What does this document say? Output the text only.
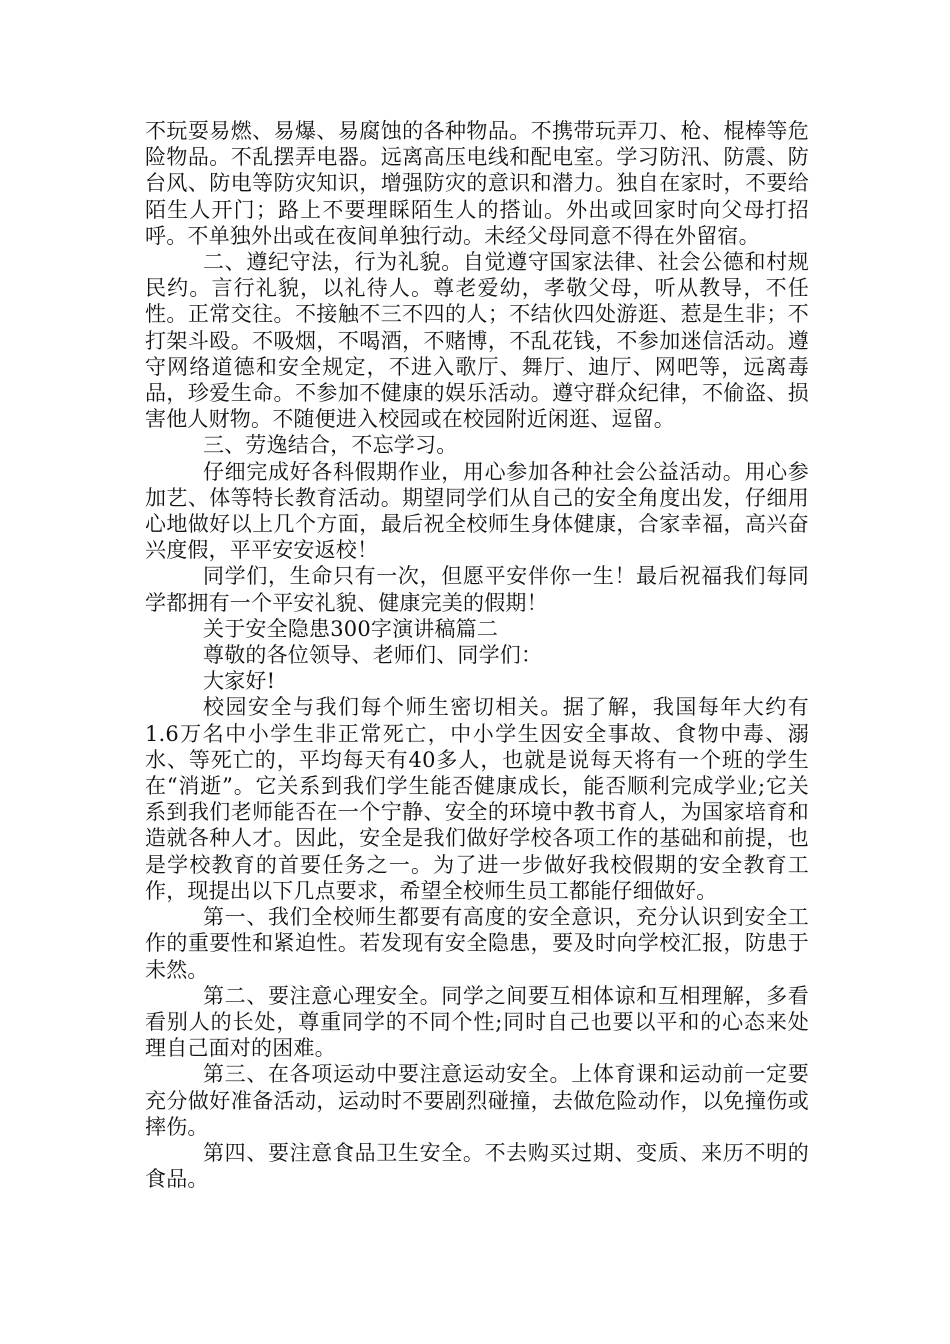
不玩耍易燃、易爆、易腐蚀的各种物品。不携带玩弄刀、枪、棍棒等危险物品。不乱摆弄电器。远离高压电线和配电室。学习防汛、防震、防台风、防电等防灾知识，增强防灾的意识和潜力。独自在家时，不要给陌生人开门；路上不要理睬陌生人的搭讪。外出或回家时向父母打招呼。不单独外出或在夜间单独行动。未经父母同意不得在外留宿。

二、遵纪守法，行为礼貌。自觉遵守国家法律、社会公德和村规民约。言行礼貌，以礼待人。尊老爱幼，孝敬父母，听从教导，不任性。正常交往。不接触不三不四的人；不结伙四处游逛、惹是生非；不打架斗殴。不吸烟，不喝酒，不赌博，不乱花钱，不参加迷信活动。遵守网络道德和安全规定，不进入歌厅、舞厅、迪厅、网吧等，远离毒品，珍爱生命。不参加不健康的娱乐活动。遵守群众纪律，不偷盗、损害他人财物。不随便进入校园或在校园附近闲逛、逗留。

三、劳逸结合，不忘学习。

仔细完成好各科假期作业，用心参加各种社会公益活动。用心参加艺、体等特长教育活动。期望同学们从自己的安全角度出发，仔细用心地做好以上几个方面，最后祝全校师生身体健康，合家幸福，高兴奋兴度假，平平安安返校！

同学们，生命只有一次，但愿平安伴你一生！最后祝福我们每同学都拥有一个平安礼貌、健康完美的假期！

关于安全隐患300字演讲稿篇二

尊敬的各位领导、老师们、同学们：

大家好!

校园安全与我们每个师生密切相关。据了解，我国每年大约有1.6万名中小学生非正常死亡，中小学生因安全事故、食物中毒、溺水、等死亡的，平均每天有40多人，也就是说每天将有一个班的学生在“消逝”。它关系到我们学生能否健康成长，能否顺利完成学业;它关系到我们老师能否在一个宁静、安全的环境中教书育人，为国家培育和造就各种人才。因此，安全是我们做好学校各项工作的基础和前提，也是学校教育的首要任务之一。为了进一步做好我校假期的安全教育工作，现提出以下几点要求，希望全校师生员工都能仔细做好。

第一、我们全校师生都要有高度的安全意识，充分认识到安全工作的重要性和紧迫性。若发现有安全隐患，要及时向学校汇报，防患于未然。

第二、要注意心理安全。同学之间要互相体谅和互相理解，多看看别人的长处，尊重同学的不同个性;同时自己也要以平和的心态来处理自己面对的困难。

第三、在各项运动中要注意运动安全。上体育课和运动前一定要充分做好准备活动，运动时不要剧烈碰撞，去做危险动作，以免撞伤或摔伤。

第四、要注意食品卫生安全。不去购买过期、变质、来历不明的食品。
